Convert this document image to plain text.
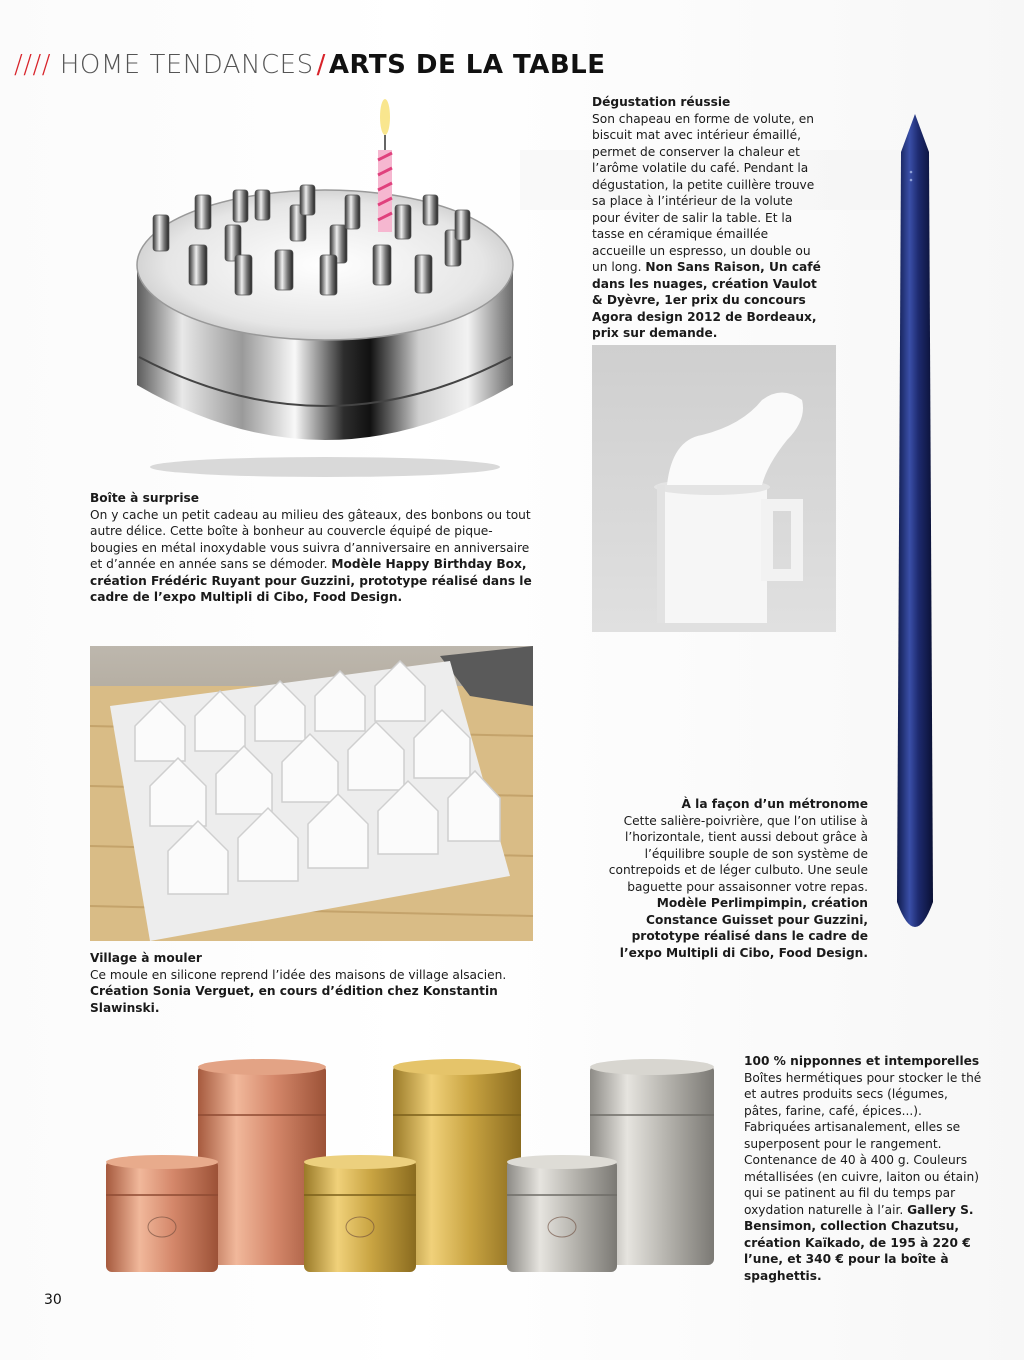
//// HOME TENDANCES / ARTS DE LA TABLE
Dégustation réussie
Son chapeau en forme de volute, en biscuit mat avec intérieur émaillé, permet de conserver la chaleur et l’arôme volatile du café. Pendant la dégustation, la petite cuillère trouve sa place à l’intérieur de la volute pour éviter de salir la table. Et la tasse en céramique émaillée accueille un espresso, un double ou un long. Non Sans Raison, Un café dans les nuages, création Vaulot & Dyèvre, 1er prix du concours Agora design 2012 de Bordeaux, prix sur demande.
Boîte à surprise
On y cache un petit cadeau au milieu des gâteaux, des bonbons ou tout autre délice. Cette boîte à bonheur au couvercle équipé de pique-bougies en métal inoxydable vous suivra d’anniversaire en anniversaire et d’année en année sans se démoder. Modèle Happy Birthday Box, création Frédéric Ruyant pour Guzzini, prototype réalisé dans le cadre de l’expo Multipli di Cibo, Food Design.
À la façon d’un métronome
Cette salière-poivrière, que l’on utilise à l’horizontale, tient aussi debout grâce à l’équilibre souple de son système de contrepoids et de léger culbuto. Une seule baguette pour assaisonner votre repas. Modèle Perlimpimpin, création Constance Guisset pour Guzzini, prototype réalisé dans le cadre de l’expo Multipli di Cibo, Food Design.
Village à mouler
Ce moule en silicone reprend l’idée des maisons de village alsacien. Création Sonia Verguet, en cours d’édition chez Konstantin Slawinski.
100 % nipponnes et intemporelles
Boîtes hermétiques pour stocker le thé et autres produits secs (légumes, pâtes, farine, café, épices...). Fabriquées artisanalement, elles se superposent pour le rangement. Contenance de 40 à 400 g. Couleurs métallisées (en cuivre, laiton ou étain) qui se patinent au fil du temps par oxydation naturelle à l’air. Gallery S. Bensimon, collection Chazutsu, création Kaïkado, de 195 à 220 € l’une, et 340 € pour la boîte à spaghettis.
30
